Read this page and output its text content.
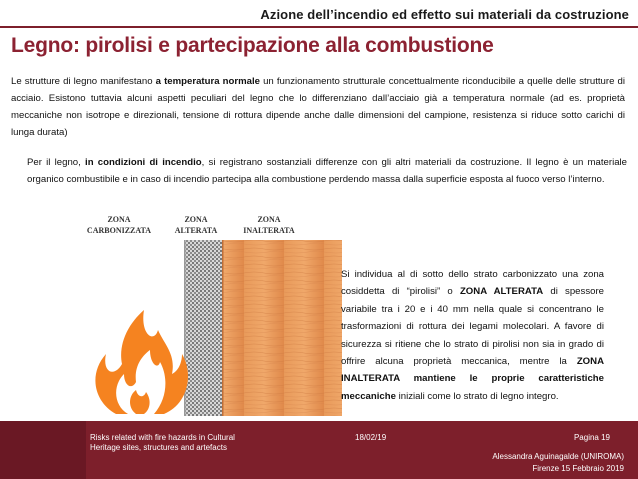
Azione dell’incendio ed effetto sui materiali da costruzione
Legno: pirolisi e partecipazione alla combustione
Le strutture di legno manifestano a temperatura normale un funzionamento strutturale concettualmente riconducibile a quelle delle strutture di acciaio. Esistono tuttavia alcuni aspetti peculiari del legno che lo differenziano dall’acciaio già a temperatura normale (ad es. proprietà meccaniche non isotrope e direzionali, tensione di rottura dipende anche dalle dimensioni del campione, resistenza si riduce sotto carichi di lunga durata)
Per il legno, in condizioni di incendio, si registrano sostanziali differenze con gli altri materiali da costruzione. Il legno è un materiale organico combustibile e in caso di incendio partecipa alla combustione perdendo massa dalla superficie esposta al fuoco verso l’interno.
ZONA
CARBONIZZATA
ZONA
ALTERATA
ZONA
INALTERATA
Si individua al di sotto dello strato carbonizzato una zona cosiddetta di “pirolisi” o ZONA ALTERATA di spessore variabile tra i 20 e i 40 mm nella quale si concentrano le trasformazioni di rottura dei legami molecolari. A favore di sicurezza si ritiene che lo strato di pirolisi non sia in grado di offrire alcuna proprietà meccanica, mentre la ZONA INALTERATA mantiene le proprie caratteristiche meccaniche iniziali come lo strato di legno integro.
Risks related with fire hazards in Cultural
Heritage sites, structures and artefacts
18/02/19	Pagina 19
Alessandra Aguinagalde (UNIROMA)
Firenze 15 Febbraio 2019
